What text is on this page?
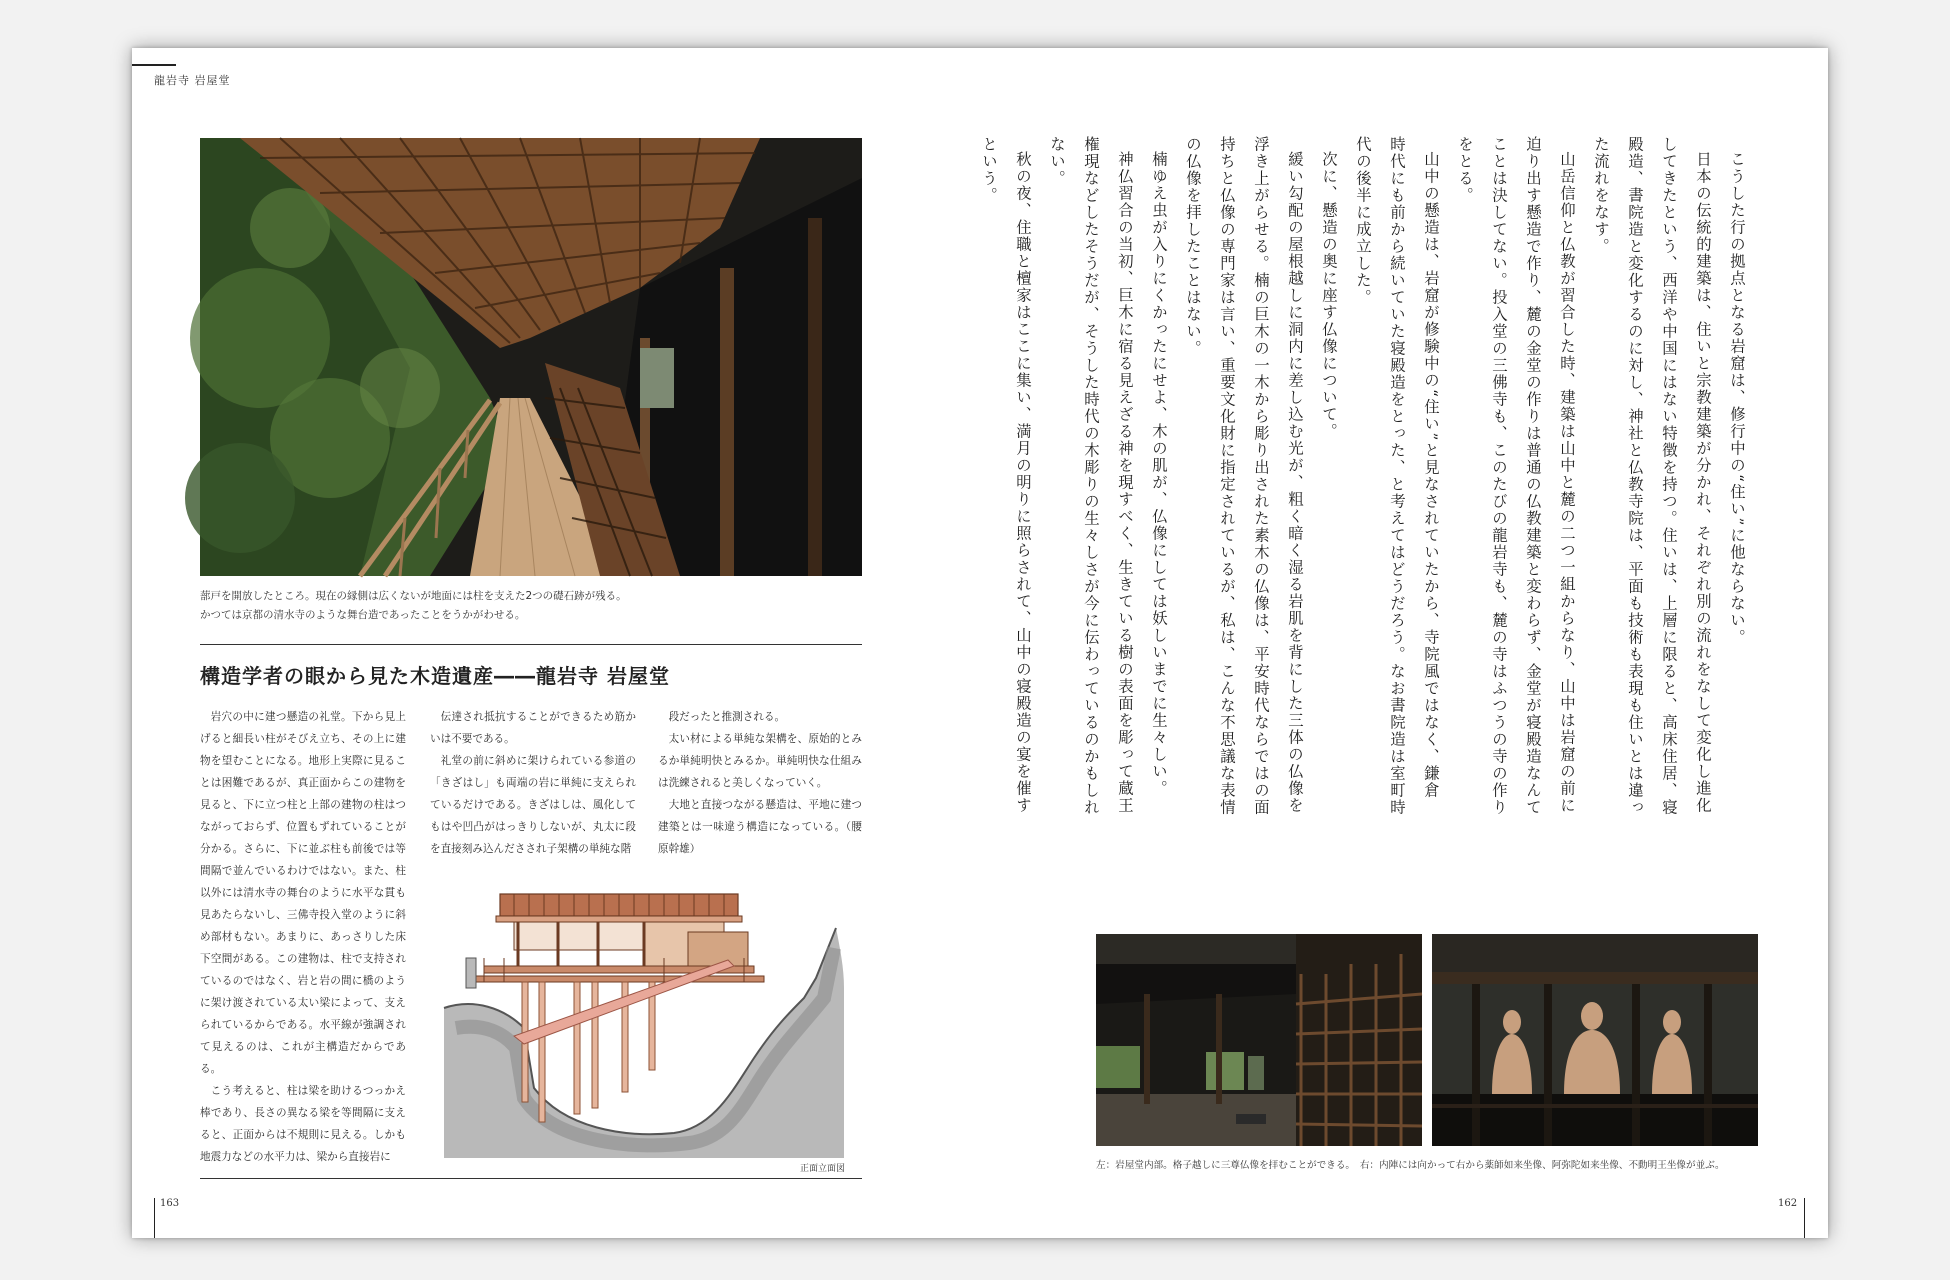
龍岩寺 岩屋堂
蔀戸を開放したところ。現在の縁側は広くないが地面には柱を支えた2つの礎石跡が残る。
かつては京都の清水寺のような舞台造であったことをうかがわせる。
構造学者の眼から見た木造遺産――龍岩寺 岩屋堂

岩穴の中に建つ懸造の礼堂。下から見上げると細長い柱がそびえ立ち、その上に建物を望むことになる。地形上実際に見ることは困難であるが、真正面からこの建物を見ると、下に立つ柱と上部の建物の柱はつながっておらず、位置もずれていることが分かる。さらに、下に並ぶ柱も前後では等間隔で並んでいるわけではない。また、柱以外には清水寺の舞台のように水平な貫も見あたらないし、三佛寺投入堂のように斜め部材もない。あまりに、あっさりした床下空間がある。この建物は、柱で支持されているのではなく、岩と岩の間に橋のように架け渡されている太い梁によって、支えられているからである。水平線が強調されて見えるのは、これが主構造だからである。

こう考えると、柱は梁を助けるつっかえ棒であり、長さの異なる梁を等間隔に支えると、正面からは不規則に見える。しかも地震力などの水平力は、梁から直接岩に

伝達され抵抗することができるため筋かいは不要である。

礼堂の前に斜めに架けられている参道の「きざはし」も両端の岩に単純に支えられているだけである。きざはしは、風化してもはや凹凸がはっきりしないが、丸太に段を直接刻み込んださされ子架構の単純な階

段だったと推測される。

太い材による単純な架構を、原始的とみるか単純明快とみるか。単純明快な仕組みは洗練されると美しくなっていく。

大地と直接つながる懸造は、平地に建つ建築とは一味違う構造になっている。（腰原幹雄）

正面立面図
163

こうした行の拠点となる岩窟は、修行中の“住い”に他ならない。

日本の伝統的建築は、住いと宗教建築が分かれ、それぞれ別の流れをなして変化し進化してきたという、西洋や中国にはない特徴を持つ。住いは、上層に限ると、高床住居、寝殿造、書院造と変化するのに対し、神社と仏教寺院は、平面も技術も表現も住いとは違った流れをなす。

山岳信仰と仏教が習合した時、建築は山中と麓の二つ一組からなり、山中は岩窟の前に迫り出す懸造で作り、麓の金堂の作りは普通の仏教建築と変わらず、金堂が寝殿造なんてことは決してない。投入堂の三佛寺も、このたびの龍岩寺も、麓の寺はふつうの寺の作りをとる。

山中の懸造は、岩窟が修験中の“住い”と見なされていたから、寺院風ではなく、鎌倉時代にも前から続いていた寝殿造をとった、と考えてはどうだろう。なお書院造は室町時代の後半に成立した。

次に、懸造の奥に座す仏像について。

緩い勾配の屋根越しに洞内に差し込む光が、粗く暗く湿る岩肌を背にした三体の仏像を浮き上がらせる。楠の巨木の一木から彫り出された素木の仏像は、平安時代ならではの面持ちと仏像の専門家は言い、重要文化財に指定されているが、私は、こんな不思議な表情の仏像を拝したことはない。

楠ゆえ虫が入りにくかったにせよ、木の肌が、仏像にしては妖しいまでに生々しい。

神仏習合の当初、巨木に宿る見えざる神を現すべく、生きている樹の表面を彫って蔵王権現などしたそうだが、そうした時代の木彫りの生々しさが今に伝わっているのかもしれない。

秋の夜、住職と檀家はここに集い、満月の明りに照らされて、山中の寝殿造の宴を催すという。

左：岩屋堂内部。格子越しに三尊仏像を拝むことができる。　右：内陣には向かって右から薬師如来坐像、阿弥陀如来坐像、不動明王坐像が並ぶ。
162
